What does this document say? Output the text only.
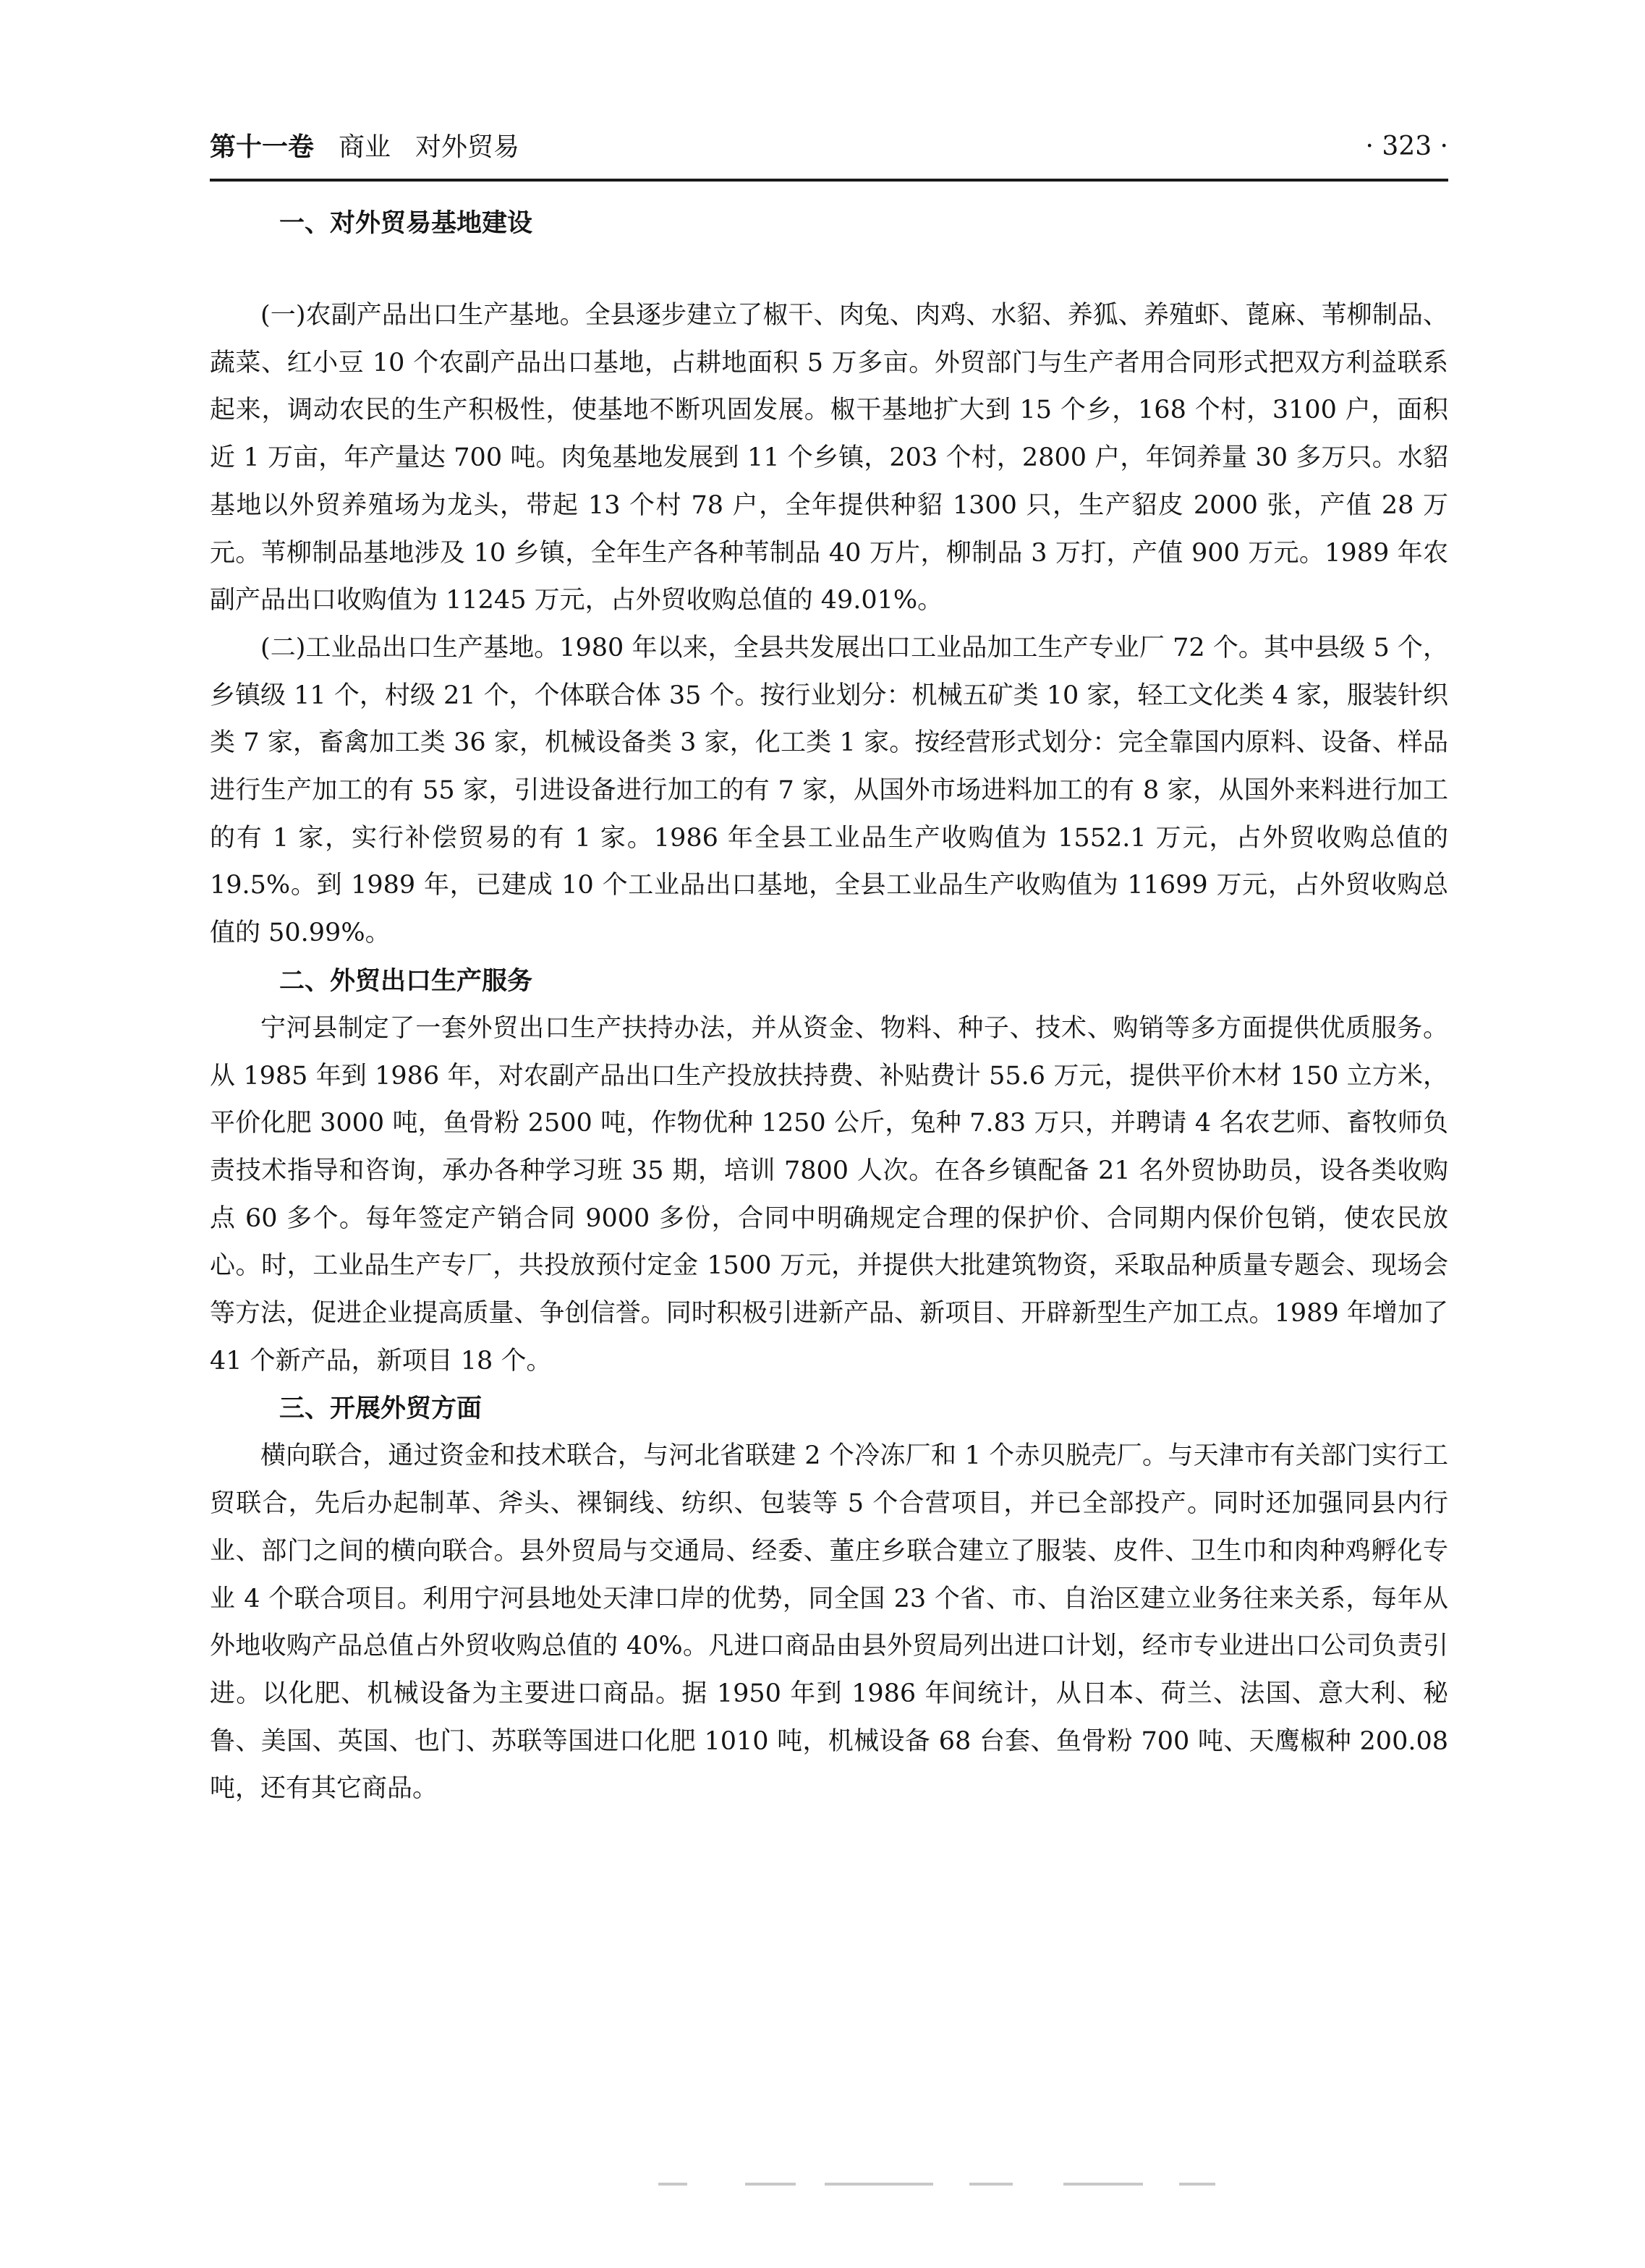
第十一卷 商业 对外贸易	· 323 ·
一、对外贸易基地建设

(一)农副产品出口生产基地。全县逐步建立了椒干、肉兔、肉鸡、水貂、养狐、养殖虾、蓖麻、苇柳制品、蔬菜、红小豆 10 个农副产品出口基地，占耕地面积 5 万多亩。外贸部门与生产者用合同形式把双方利益联系起来，调动农民的生产积极性，使基地不断巩固发展。椒干基地扩大到 15 个乡，168 个村，3100 户，面积近 1 万亩，年产量达 700 吨。肉兔基地发展到 11 个乡镇，203 个村，2800 户，年饲养量 30 多万只。水貂基地以外贸养殖场为龙头，带起 13 个村 78 户，全年提供种貂 1300 只，生产貂皮 2000 张，产值 28 万元。苇柳制品基地涉及 10 乡镇，全年生产各种苇制品 40 万片，柳制品 3 万打，产值 900 万元。1989 年农副产品出口收购值为 11245 万元，占外贸收购总值的 49.01%。

(二)工业品出口生产基地。1980 年以来，全县共发展出口工业品加工生产专业厂 72 个。其中县级 5 个，乡镇级 11 个，村级 21 个，个体联合体 35 个。按行业划分：机械五矿类 10 家，轻工文化类 4 家，服装针织类 7 家，畜禽加工类 36 家，机械设备类 3 家，化工类 1 家。按经营形式划分：完全靠国内原料、设备、样品进行生产加工的有 55 家，引进设备进行加工的有 7 家，从国外市场进料加工的有 8 家，从国外来料进行加工的有 1 家，实行补偿贸易的有 1 家。1986 年全县工业品生产收购值为 1552.1 万元，占外贸收购总值的 19.5%。到 1989 年，已建成 10 个工业品出口基地，全县工业品生产收购值为 11699 万元，占外贸收购总值的 50.99%。

二、外贸出口生产服务

宁河县制定了一套外贸出口生产扶持办法，并从资金、物料、种子、技术、购销等多方面提供优质服务。从 1985 年到 1986 年，对农副产品出口生产投放扶持费、补贴费计 55.6 万元，提供平价木材 150 立方米，平价化肥 3000 吨，鱼骨粉 2500 吨，作物优种 1250 公斤，兔种 7.83 万只，并聘请 4 名农艺师、畜牧师负责技术指导和咨询，承办各种学习班 35 期，培训 7800 人次。在各乡镇配备 21 名外贸协助员，设各类收购点 60 多个。每年签定产销合同 9000 多份，合同中明确规定合理的保护价、合同期内保价包销，使农民放心。时，工业品生产专厂，共投放预付定金 1500 万元，并提供大批建筑物资，采取品种质量专题会、现场会等方法，促进企业提高质量、争创信誉。同时积极引进新产品、新项目、开辟新型生产加工点。1989 年增加了 41 个新产品，新项目 18 个。

三、开展外贸方面

横向联合，通过资金和技术联合，与河北省联建 2 个冷冻厂和 1 个赤贝脱壳厂。与天津市有关部门实行工贸联合，先后办起制革、斧头、裸铜线、纺织、包装等 5 个合营项目，并已全部投产。同时还加强同县内行业、部门之间的横向联合。县外贸局与交通局、经委、董庄乡联合建立了服装、皮件、卫生巾和肉种鸡孵化专业 4 个联合项目。利用宁河县地处天津口岸的优势，同全国 23 个省、市、自治区建立业务往来关系，每年从外地收购产品总值占外贸收购总值的 40%。凡进口商品由县外贸局列出进口计划，经市专业进出口公司负责引进。以化肥、机械设备为主要进口商品。据 1950 年到 1986 年间统计，从日本、荷兰、法国、意大利、秘鲁、美国、英国、也门、苏联等国进口化肥 1010 吨，机械设备 68 台套、鱼骨粉 700 吨、天鹰椒种 200.08 吨，还有其它商品。
